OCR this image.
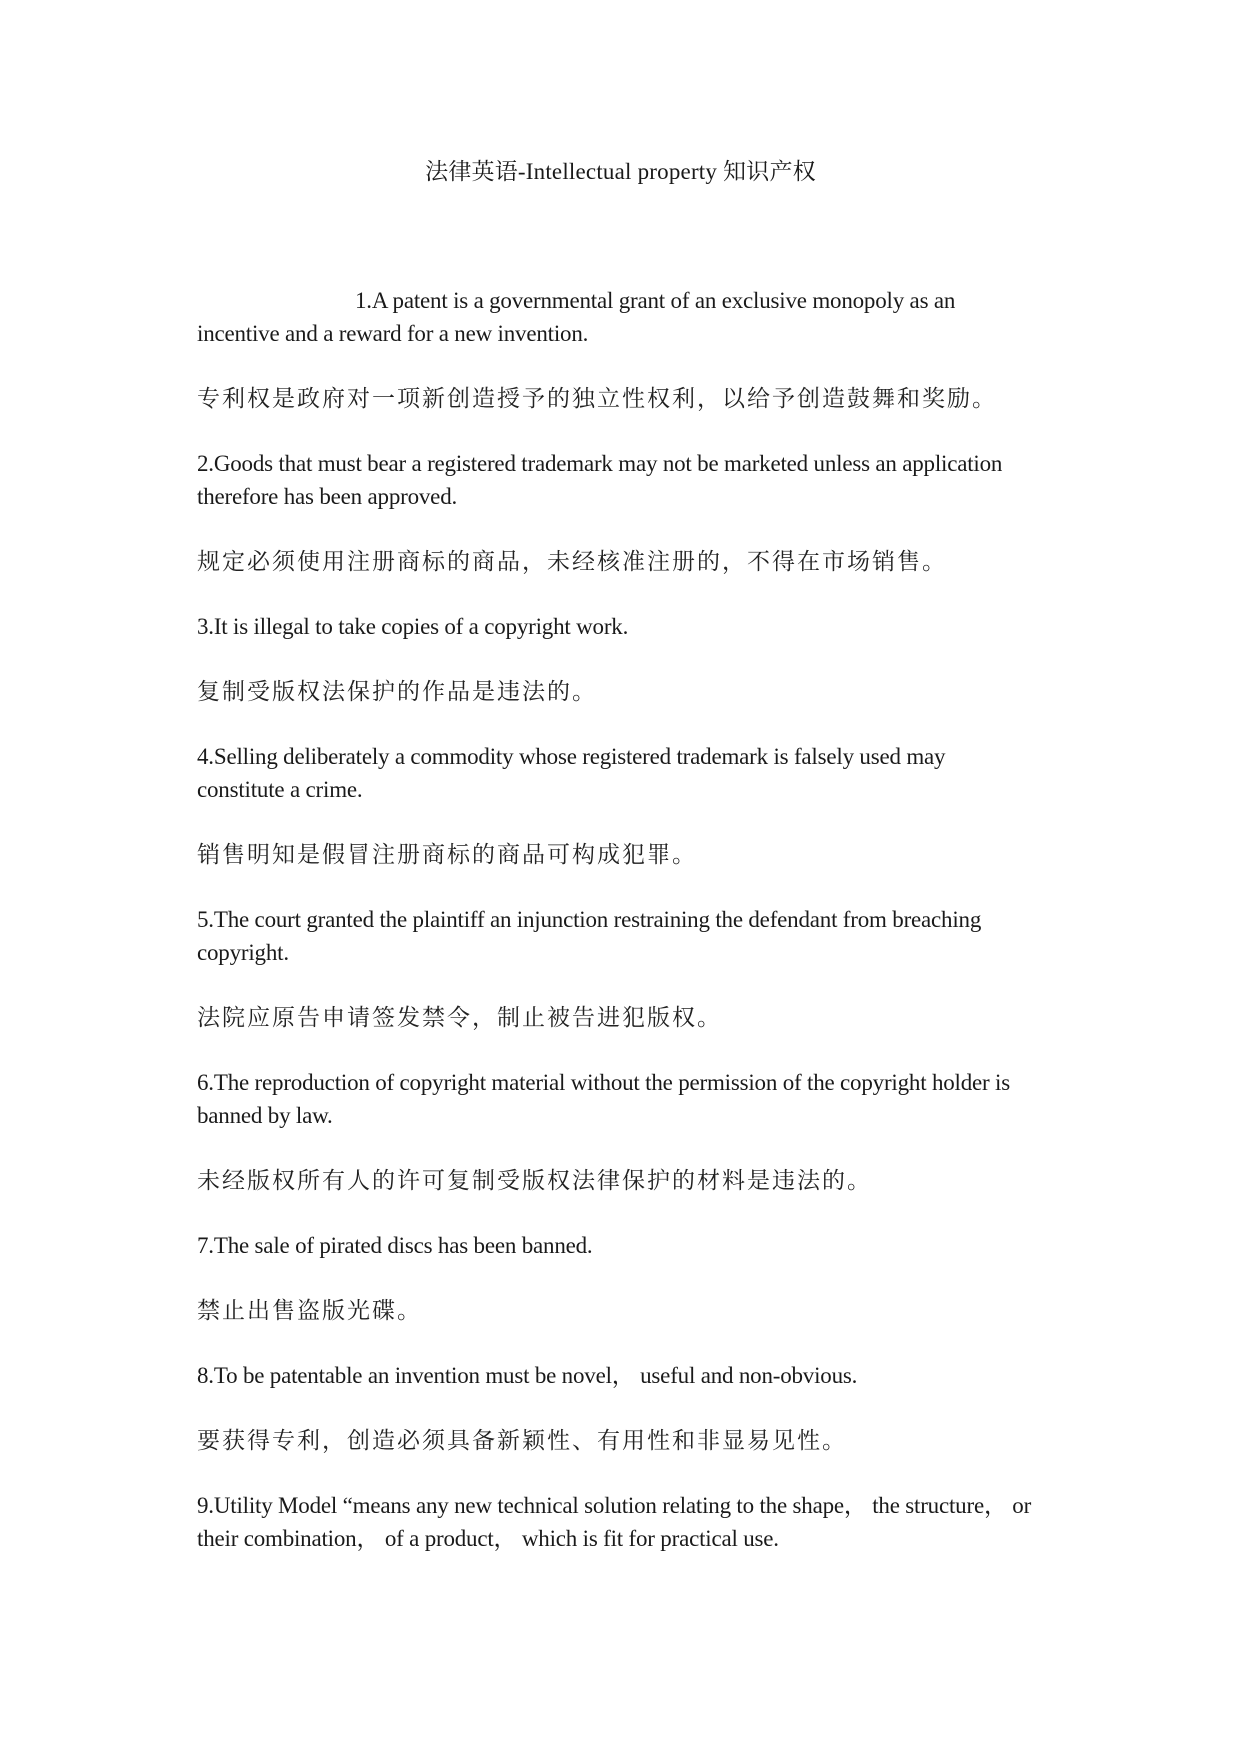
法律英语-Intellectual property 知识产权

1.A patent is a governmental grant of an exclusive monopoly as an incentive and a reward for a new invention.

专利权是政府对一项新创造授予的独立性权利，以给予创造鼓舞和奖励。

2.Goods that must bear a registered trademark may not be marketed unless an application therefore has been approved.

规定必须使用注册商标的商品，未经核准注册的，不得在市场销售。

3.It is illegal to take copies of a copyright work.

复制受版权法保护的作品是违法的。

4.Selling deliberately a commodity whose registered trademark is falsely used may constitute a crime.

销售明知是假冒注册商标的商品可构成犯罪。

5.The court granted the plaintiff an injunction restraining the defendant from breaching copyright.

法院应原告申请签发禁令，制止被告进犯版权。

6.The reproduction of copyright material without the permission of the copyright holder is banned by law.

未经版权所有人的许可复制受版权法律保护的材料是违法的。

7.The sale of pirated discs has been banned.

禁止出售盗版光碟。

8.To be patentable an invention must be novel， useful and non-obvious.

要获得专利，创造必须具备新颖性、有用性和非显易见性。

9.Utility Model “means any new technical solution relating to the shape， the structure， or their combination， of a product， which is fit for practical use.
